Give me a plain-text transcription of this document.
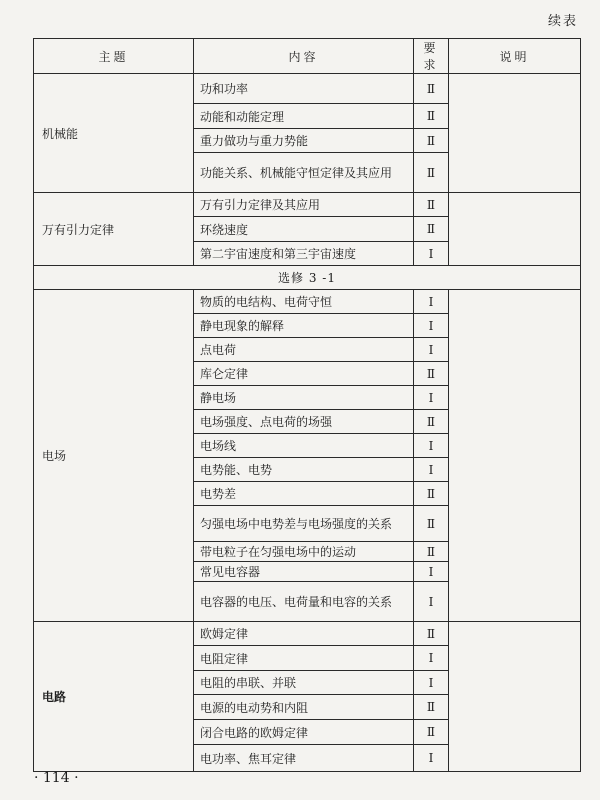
续表
主题	内容	要求	说明
机械能	功和功率	Ⅱ	
	动能和动能定理	Ⅱ	
	重力做功与重力势能	Ⅱ	
	功能关系、机械能守恒定律及其应用	Ⅱ	
万有引力定律	万有引力定律及其应用	Ⅱ	
	环绕速度	Ⅱ	
	第二宇宙速度和第三宇宙速度	Ⅰ	
选修 3 -1			
电场	物质的电结构、电荷守恒	Ⅰ	
	静电现象的解释	Ⅰ	
	点电荷	Ⅰ	
	库仑定律	Ⅱ	
	静电场	Ⅰ	
	电场强度、点电荷的场强	Ⅱ	
	电场线	Ⅰ	
	电势能、电势	Ⅰ	
	电势差	Ⅱ	
	匀强电场中电势差与电场强度的关系	Ⅱ	
	带电粒子在匀强电场中的运动	Ⅱ	
	常见电容器	Ⅰ	
	电容器的电压、电荷量和电容的关系	Ⅰ	
电路	欧姆定律	Ⅱ	
	电阻定律	Ⅰ	
	电阻的串联、并联	Ⅰ	
	电源的电动势和内阻	Ⅱ	
	闭合电路的欧姆定律	Ⅱ	
	电功率、焦耳定律	Ⅰ	
· 114 ·
